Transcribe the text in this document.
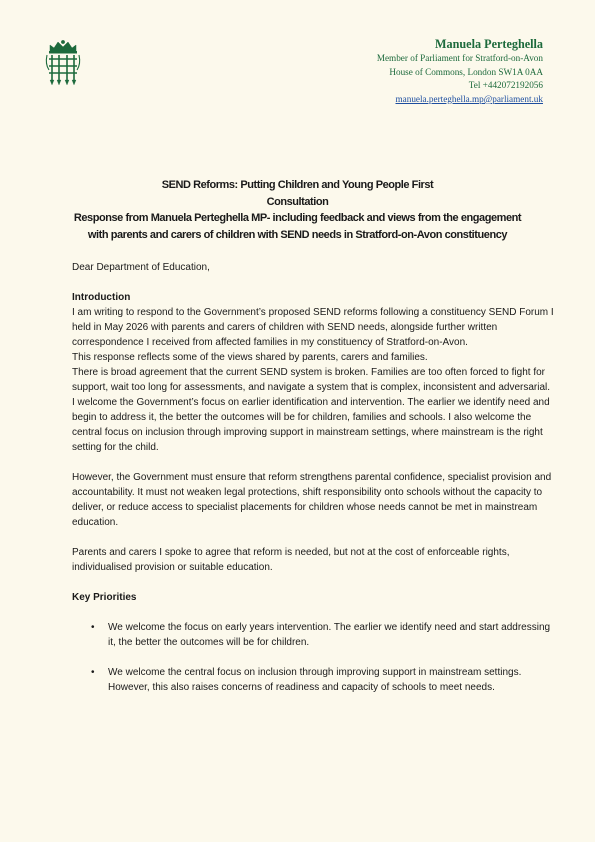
Manuela Perteghella
Member of Parliament for Stratford-on-Avon
House of Commons, London SW1A 0AA
Tel +442072192056
manuela.perteghella.mp@parliament.uk
SEND Reforms: Putting Children and Young People First
Consultation
Response from Manuela Perteghella MP- including feedback and views from the engagement
with parents and carers of children with SEND needs in Stratford-on-Avon constituency

Dear Department of Education,

Introduction

I am writing to respond to the Government’s proposed SEND reforms following a constituency SEND Forum I held in May 2026 with parents and carers of children with SEND needs, alongside further written correspondence I received from affected families in my constituency of Stratford-on-Avon.

This response reflects some of the views shared by parents, carers and families.

There is broad agreement that the current SEND system is broken. Families are too often forced to fight for support, wait too long for assessments, and navigate a system that is complex, inconsistent and adversarial.

I welcome the Government’s focus on earlier identification and intervention. The earlier we identify need and begin to address it, the better the outcomes will be for children, families and schools. I also welcome the central focus on inclusion through improving support in mainstream settings, where mainstream is the right setting for the child.

However, the Government must ensure that reform strengthens parental confidence, specialist provision and accountability. It must not weaken legal protections, shift responsibility onto schools without the capacity to deliver, or reduce access to specialist placements for children whose needs cannot be met in mainstream education.

Parents and carers I spoke to agree that reform is needed, but not at the cost of enforceable rights, individualised provision or suitable education.

Key Priorities

• We welcome the focus on early years intervention. The earlier we identify need and start addressing it, the better the outcomes will be for children.
• We welcome the central focus on inclusion through improving support in mainstream settings. However, this also raises concerns of readiness and capacity of schools to meet needs.
